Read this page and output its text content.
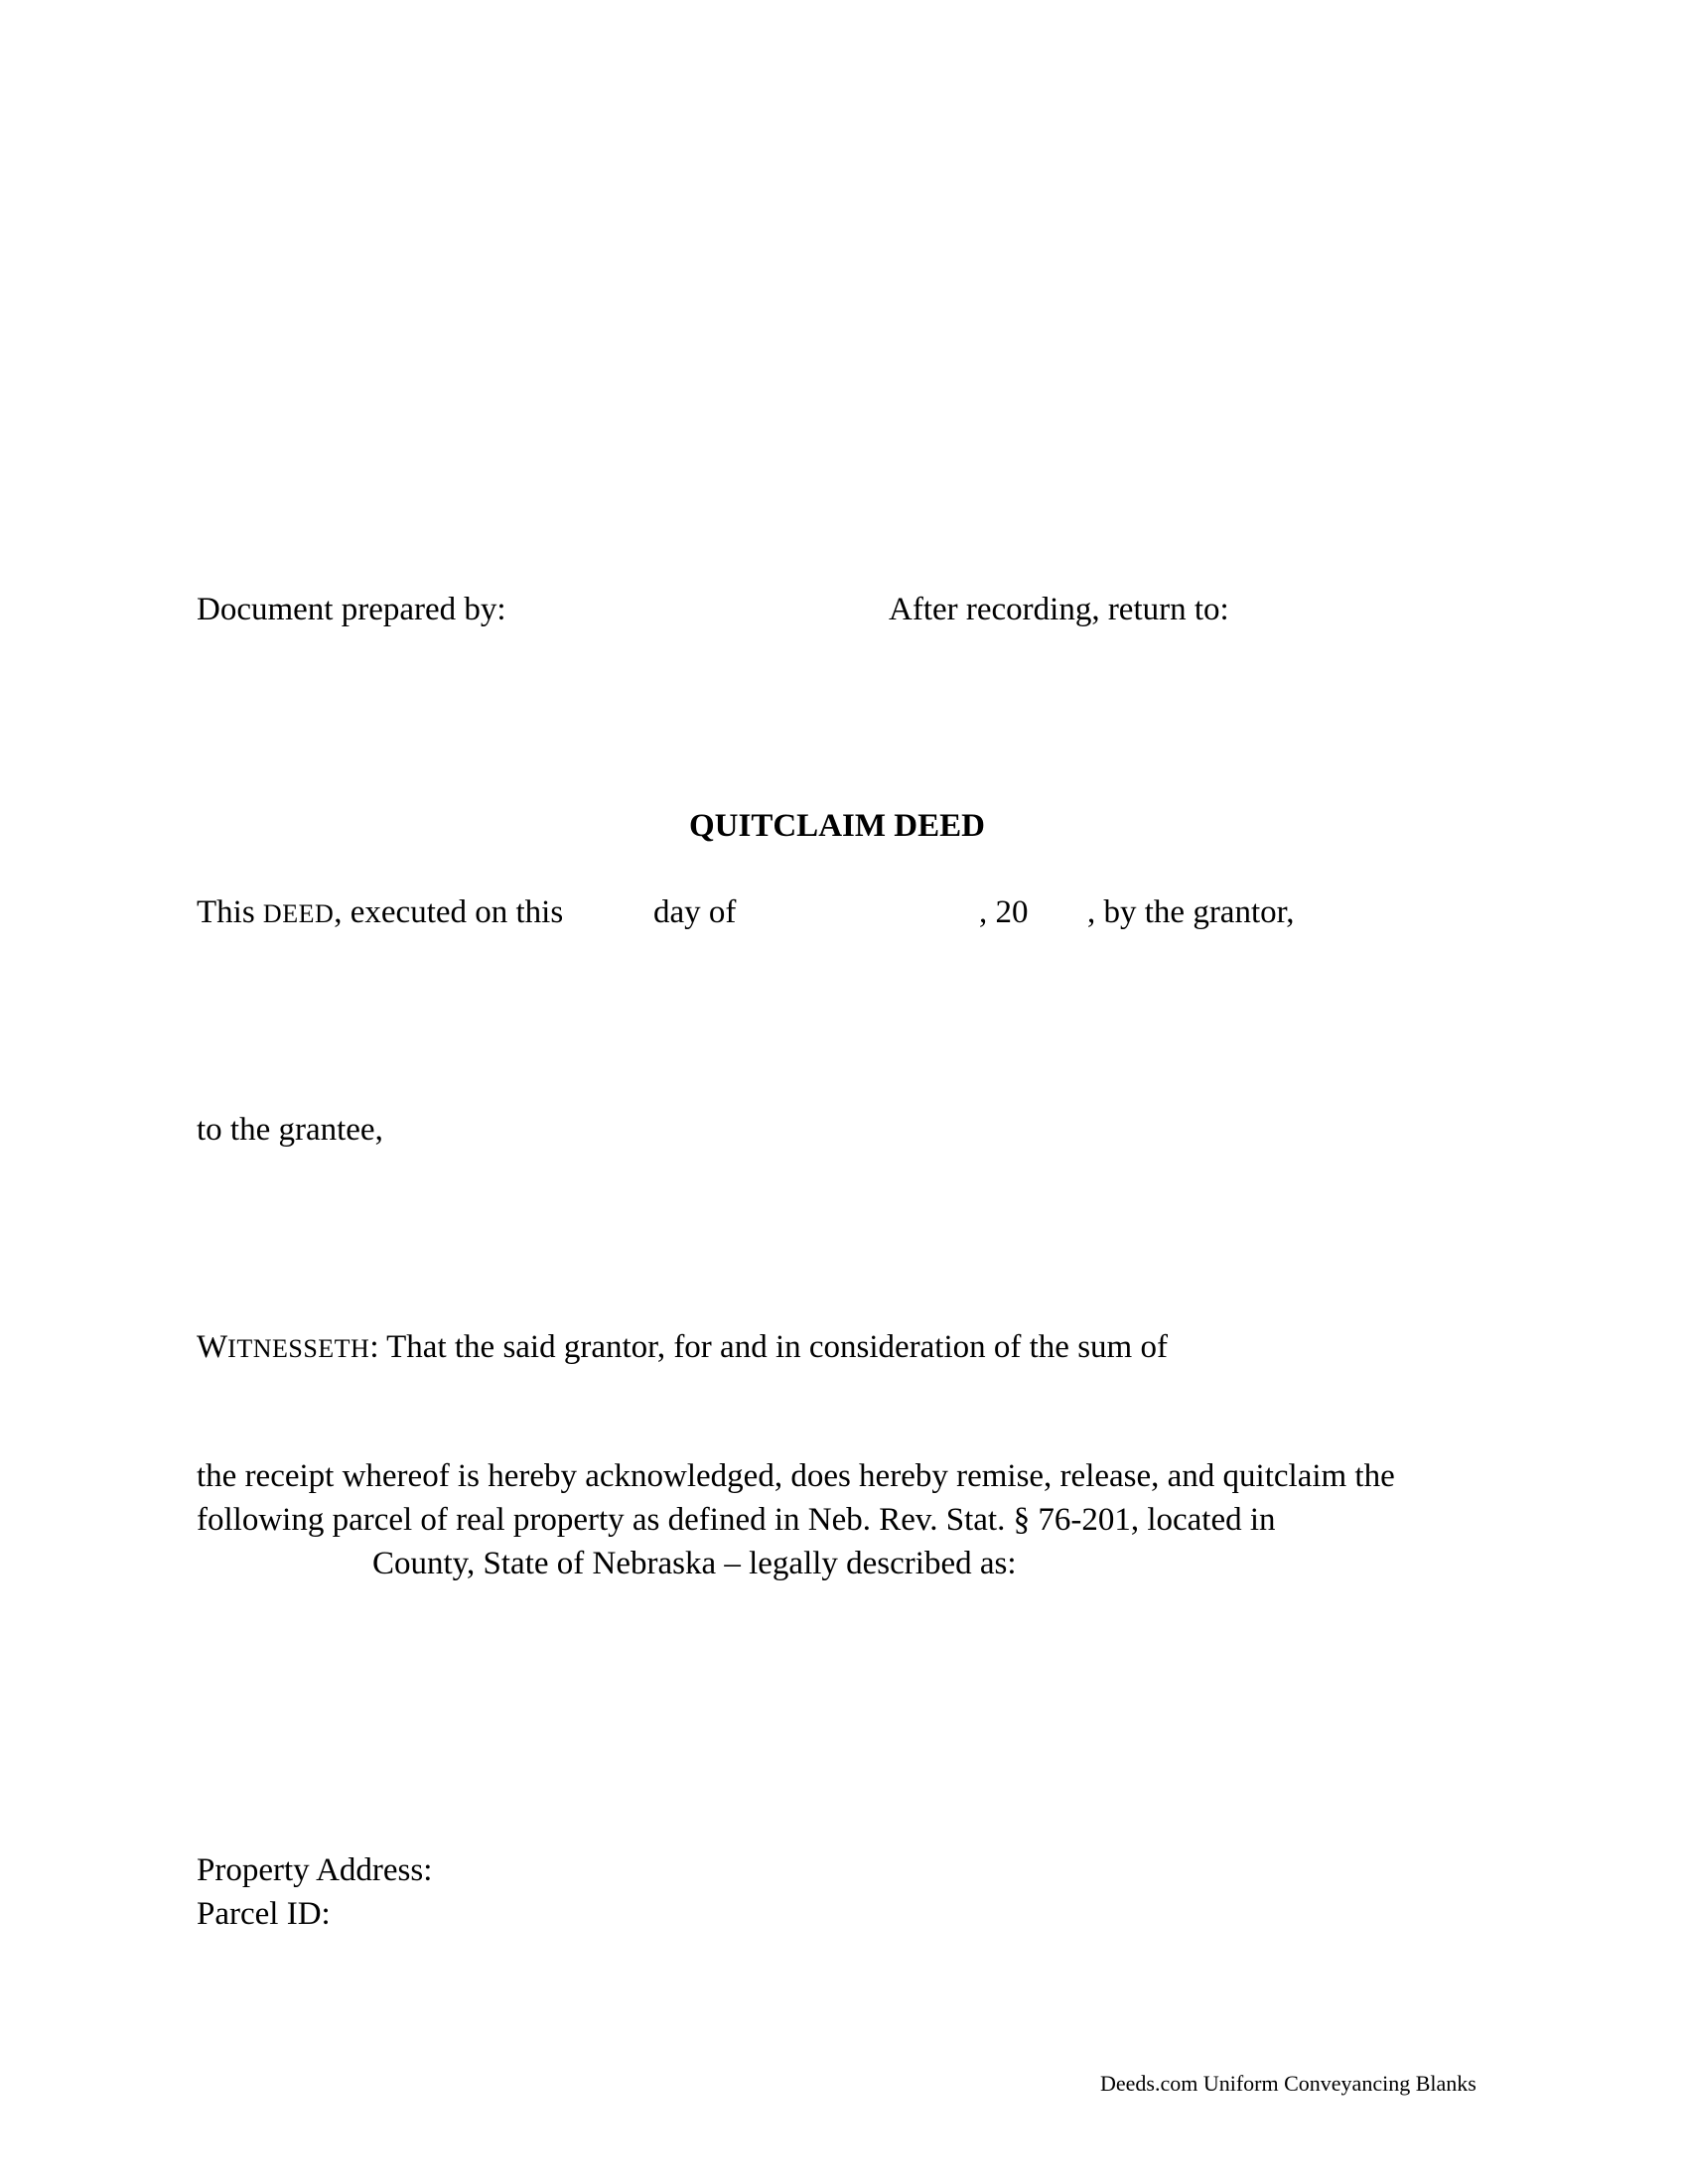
Document prepared by:	After recording, return to:
QUITCLAIM DEED
This DEED, executed on this	day of	, 20 , by the grantor,
to the grantee,
WITNESSETH: That the said grantor, for and in consideration of the sum of
the receipt whereof is hereby acknowledged, does hereby remise, release, and quitclaim the
following parcel of real property as defined in Neb. Rev. Stat. § 76-201, located in
County, State of Nebraska – legally described as:
Property Address:
Parcel ID:
Deeds.com Uniform Conveyancing Blanks
